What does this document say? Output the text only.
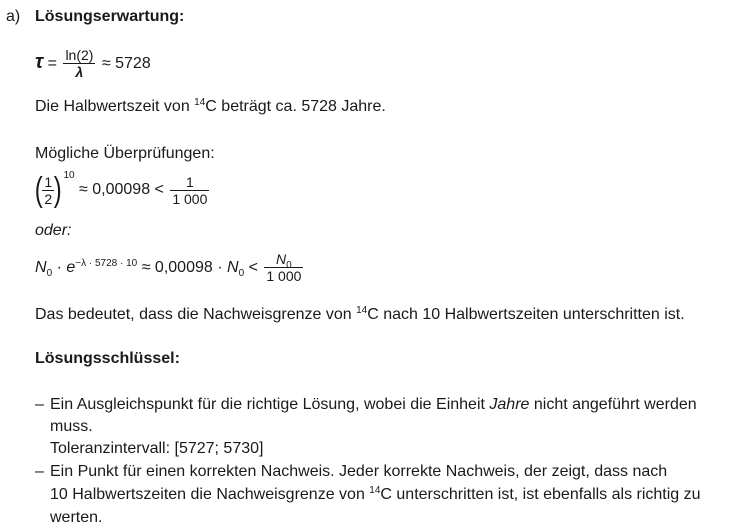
a) Lösungserwartung:
$\tau = \frac{\ln(2)}{\lambda} \approx 5728$
Die Halbwertszeit von $^{14}$C beträgt ca. 5728 Jahre.
Mögliche Überprüfungen:
( $\frac{1}{2}$ ) $^{10} \approx 0,00098 < \frac{1}{1 000}$
oder:
$N_0 \cdot e^{-\lambda \cdot 5728 \cdot 10} \approx 0,00098 \cdot N_0 < \frac{N_0}{1 000}$
Das bedeutet, dass die Nachweisgrenze von $^{14}$C nach 10 Halbwertszeiten unterschritten ist.
Lösungsschlüssel:
– Ein Ausgleichspunkt für die richtige Lösung, wobei die Einheit Jahre nicht angeführt werden
muss.
Toleranzintervall: [5727; 5730]
– Ein Punkt für einen korrekten Nachweis. Jeder korrekte Nachweis, der zeigt, dass nach
10 Halbwertszeiten die Nachweisgrenze von $^{14}$C unterschritten ist, ist ebenfalls als richtig zu
werten.
